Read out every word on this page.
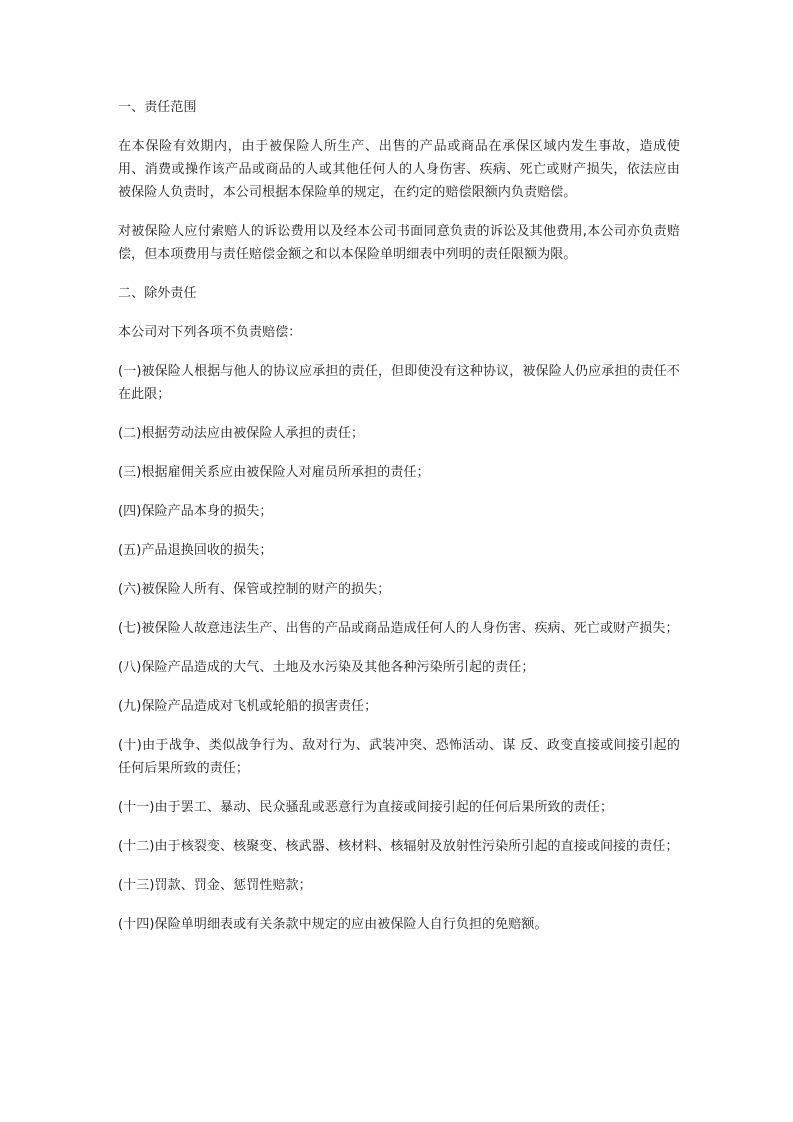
一、责任范围

在本保险有效期内，由于被保险人所生产、出售的产品或商品在承保区域内发生事故，造成使用、消费或操作该产品或商品的人或其他任何人的人身伤害、疾病、死亡或财产损失，依法应由被保险人负责时，本公司根据本保险单的规定，在约定的赔偿限额内负责赔偿。

对被保险人应付索赔人的诉讼费用以及经本公司书面同意负责的诉讼及其他费用,本公司亦负责赔偿，但本项费用与责任赔偿金额之和以本保险单明细表中列明的责任限额为限。

二、除外责任

本公司对下列各项不负责赔偿：

(一)被保险人根据与他人的协议应承担的责任，但即使没有这种协议，被保险人仍应承担的责任不在此限；

(二)根据劳动法应由被保险人承担的责任；

(三)根据雇佣关系应由被保险人对雇员所承担的责任；

(四)保险产品本身的损失；

(五)产品退换回收的损失；

(六)被保险人所有、保管或控制的财产的损失；

(七)被保险人故意违法生产、出售的产品或商品造成任何人的人身伤害、疾病、死亡或财产损失；

(八)保险产品造成的大气、土地及水污染及其他各种污染所引起的责任；

(九)保险产品造成对飞机或轮船的损害责任；

(十)由于战争、类似战争行为、敌对行为、武装冲突、恐怖活动、谋 反、政变直接或间接引起的任何后果所致的责任；

(十一)由于罢工、暴动、民众骚乱或恶意行为直接或间接引起的任何后果所致的责任；

(十二)由于核裂变、核聚变、核武器、核材料、核辐射及放射性污染所引起的直接或间接的责任；

(十三)罚款、罚金、惩罚性赔款；

(十四)保险单明细表或有关条款中规定的应由被保险人自行负担的免赔额。
